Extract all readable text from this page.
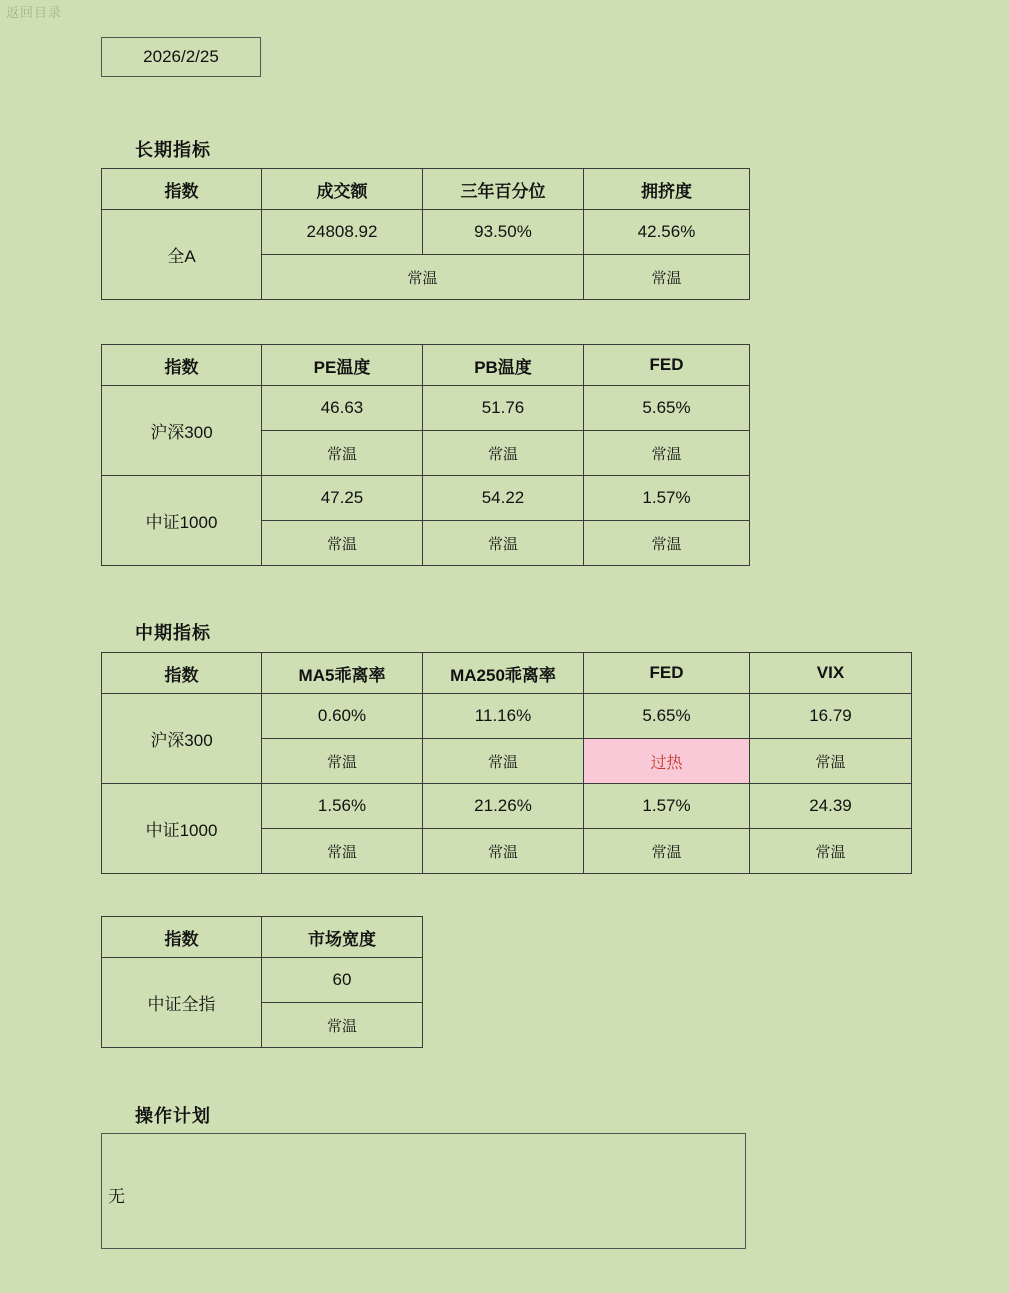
返回目录
2026/2/25
长期指标
指数	成交额	三年百分位	拥挤度
全A	24808.92	93.50%	42.56%
	常温		常温
指数	PE温度	PB温度	FED
沪深300	46.63	51.76	5.65%
	常温	常温	常温
中证1000	47.25	54.22	1.57%
	常温	常温	常温
中期指标
指数	MA5乖离率	MA250乖离率	FED	VIX
沪深300	0.60%	11.16%	5.65%	16.79
	常温	常温	过热	常温
中证1000	1.56%	21.26%	1.57%	24.39
	常温	常温	常温	常温
指数	市场宽度
中证全指	60
	常温
操作计划
无
